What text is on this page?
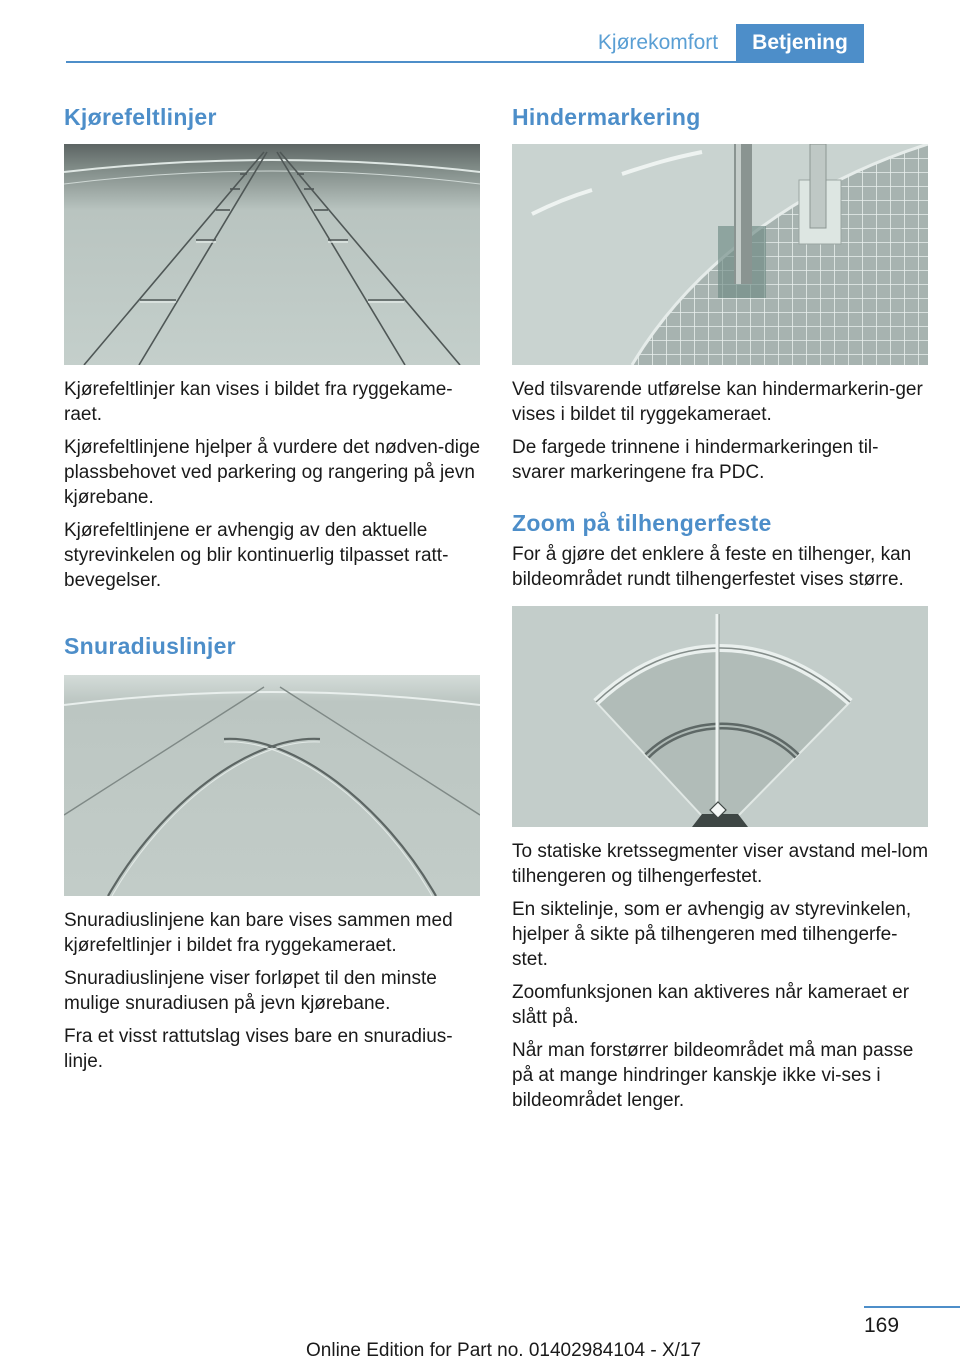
Kjørekomfort	Betjening
Kjørefeltlinjer

Kjørefeltlinjer kan vises i bildet fra ryggekame-raet.

Kjørefeltlinjene hjelper å vurdere det nødven-dige plassbehovet ved parkering og rangering på jevn kjørebane.

Kjørefeltlinjene er avhengig av den aktuelle styrevinkelen og blir kontinuerlig tilpasset ratt-bevegelser.

Snuradiuslinjer

Snuradiuslinjene kan bare vises sammen med kjørefeltlinjer i bildet fra ryggekameraet.

Snuradiuslinjene viser forløpet til den minste mulige snuradiusen på jevn kjørebane.

Fra et visst rattutslag vises bare en snuradius-linje.

Hindermarkering

Ved tilsvarende utførelse kan hindermarkerin-ger vises i bildet til ryggekameraet.

De fargede trinnene i hindermarkeringen til-svarer markeringene fra PDC.

Zoom på tilhengerfeste

For å gjøre det enklere å feste en tilhenger, kan bildeområdet rundt tilhengerfestet vises større.

To statiske kretssegmenter viser avstand mel-lom tilhengeren og tilhengerfestet.

En siktelinje, som er avhengig av styrevinkelen, hjelper å sikte på tilhengeren med tilhengerfe-stet.

Zoomfunksjonen kan aktiveres når kameraet er slått på.

Når man forstørrer bildeområdet må man passe på at mange hindringer kanskje ikke vi-ses i bildeområdet lenger.

169
Online Edition for Part no. 01402984104 - X/17
